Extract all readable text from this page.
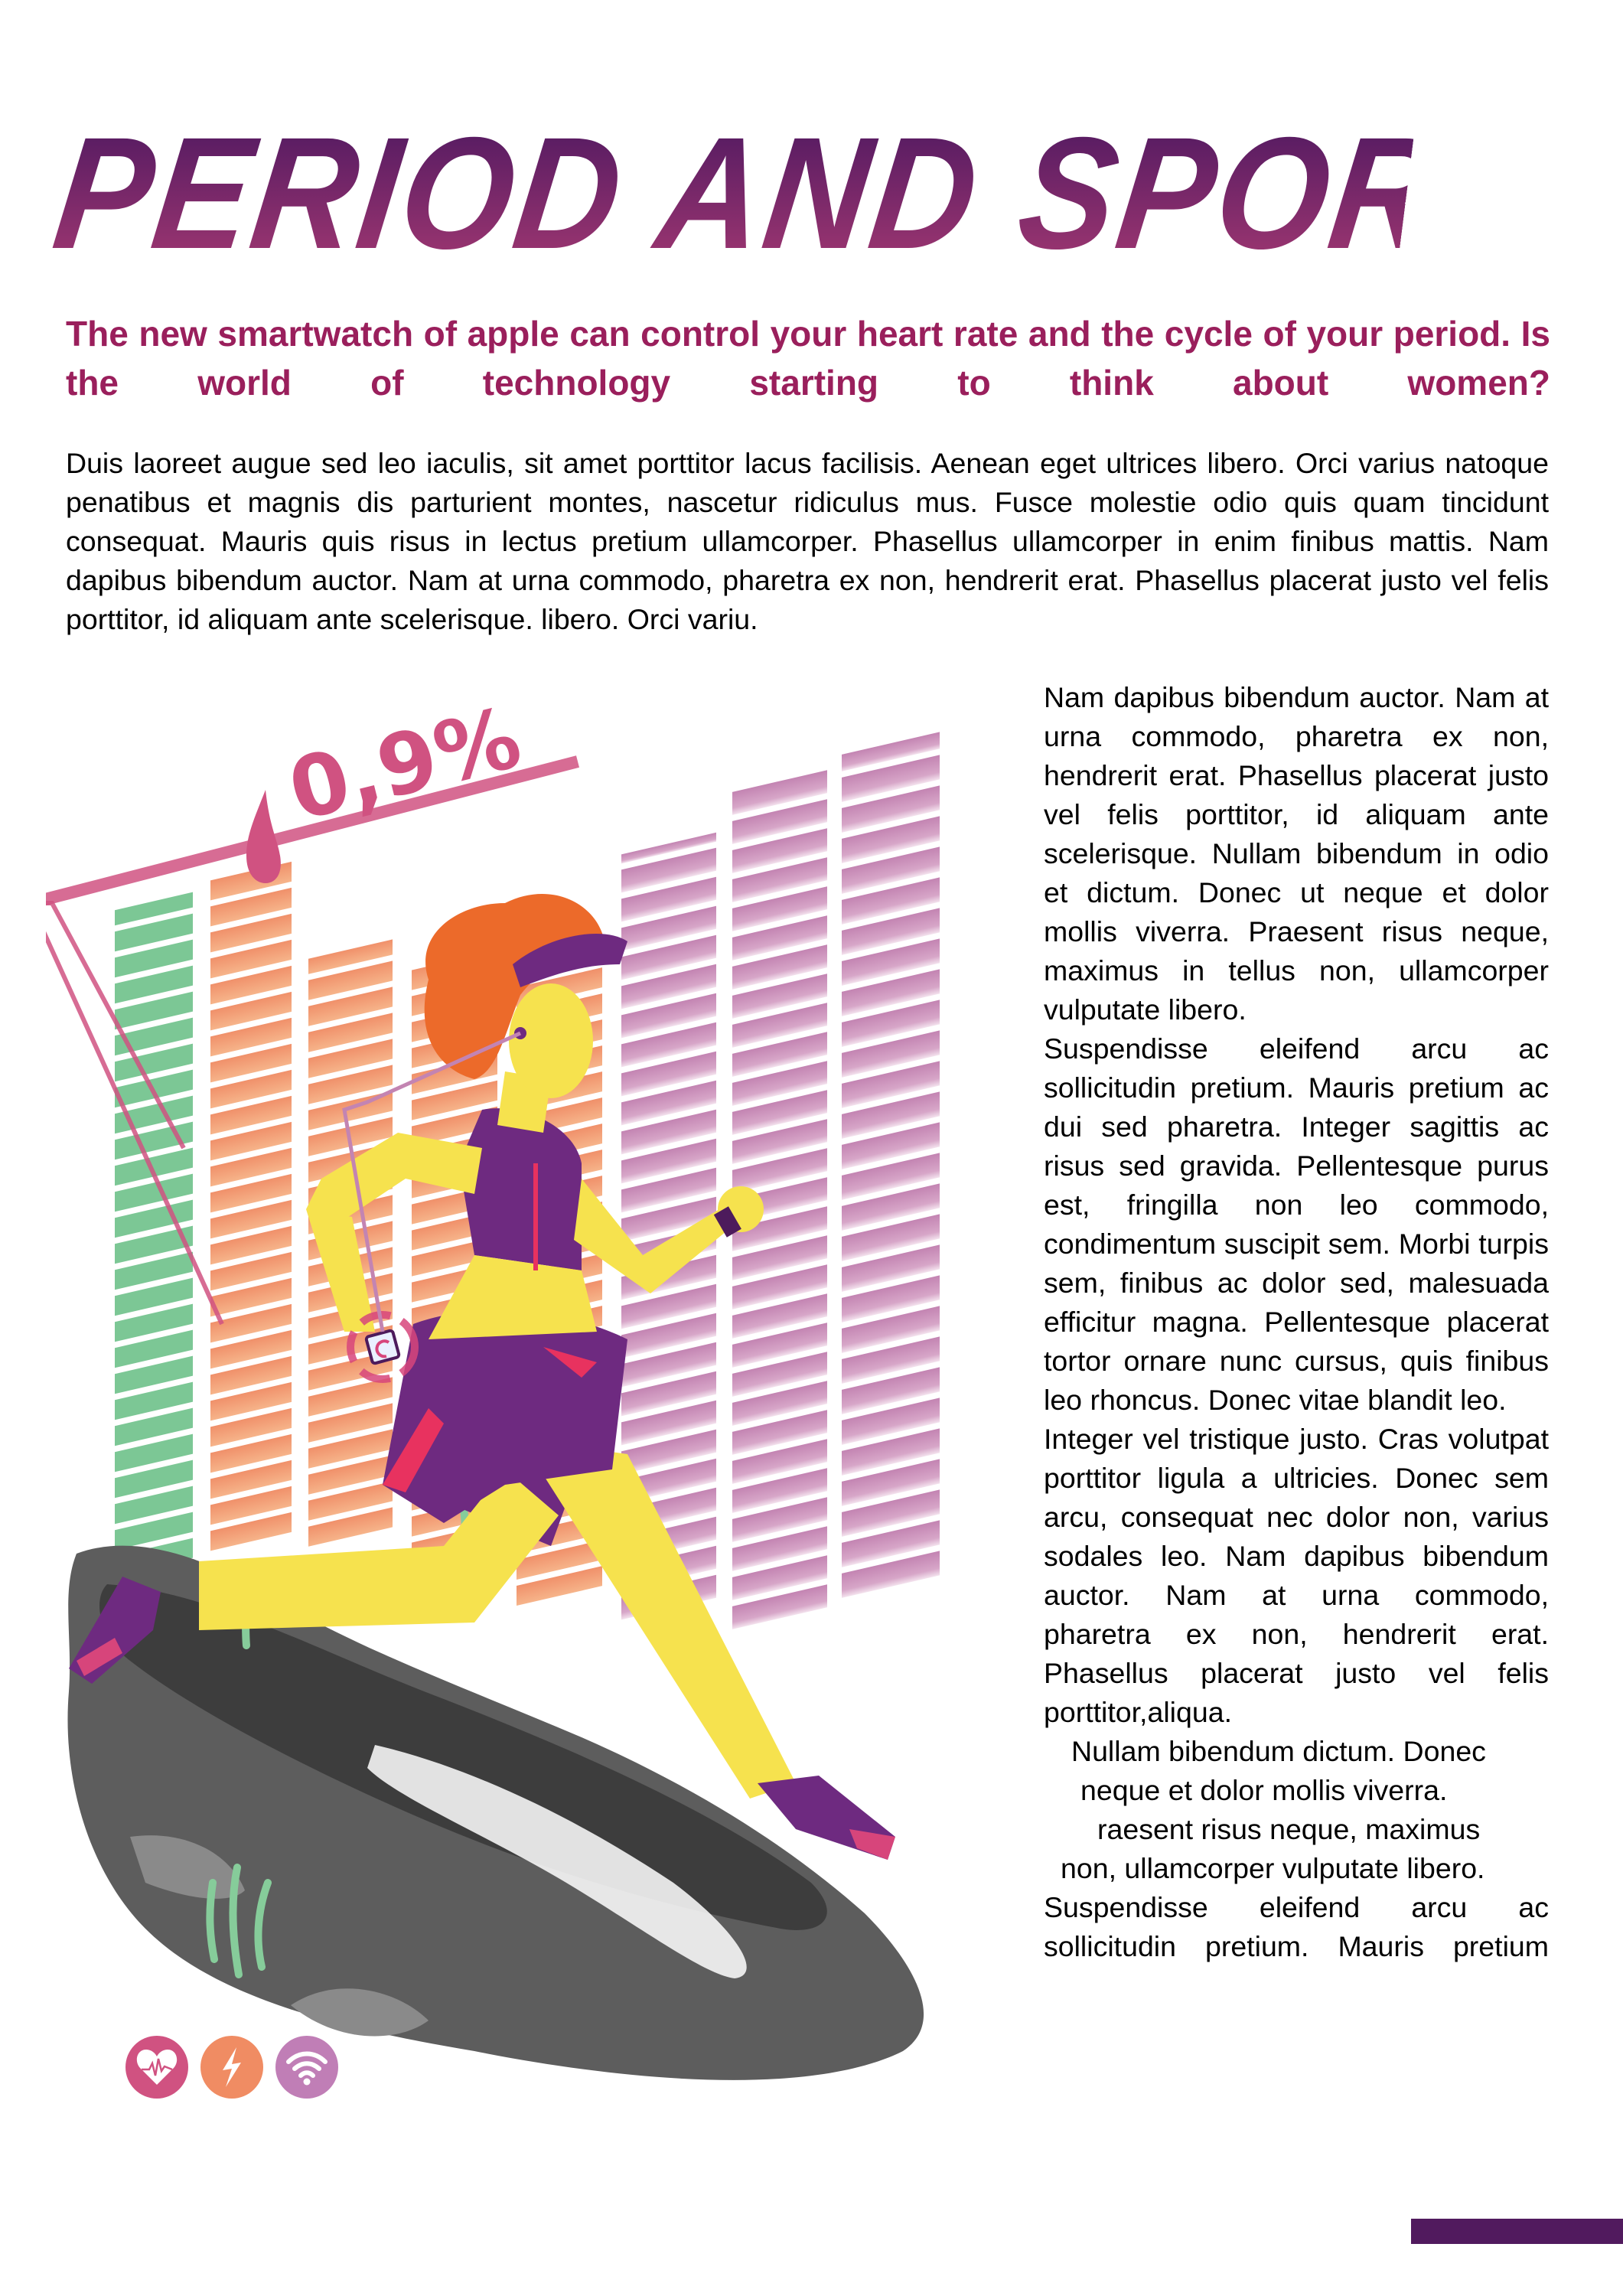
PERIOD AND SPORT
The new smartwatch of apple can control your heart rate and the cycle of your period. Is the world of technology starting to think about women?
Duis laoreet augue sed leo iaculis, sit amet porttitor lacus facilisis. Aenean eget ultrices libero. Orci varius natoque penatibus et magnis dis parturient montes, nascetur ridiculus mus. Fusce molestie odio quis quam tincidunt consequat. Mauris quis risus in lectus pretium ullamcorper. Phasellus ullamcorper in enim finibus mattis. Nam dapibus bibendum auctor. Nam at urna commodo, pharetra ex non, hendrerit erat. Phasellus placerat justo vel felis porttitor, id aliquam ante scelerisque. libero. Orci variu.
0,9%	Nam dapibus bibendum auctor. Nam at urna commodo, pharetra ex non, hendrerit erat. Phasellus placerat justo vel felis porttitor, id aliquam ante scelerisque. Nullam bibendum in odio et dictum. Donec ut neque et dolor mollis viverra. Praesent risus neque, maximus in tellus non, ullamcorper vulputate libero.

Suspendisse eleifend arcu ac sollicitudin pretium. Mauris pretium ac dui sed pharetra. Integer sagittis ac risus sed gravida. Pellentesque purus est, fringilla non leo commodo, condimentum suscipit sem. Morbi turpis sem, finibus ac dolor sed, malesuada efficitur magna. Pellentesque placerat tortor ornare nunc cursus, quis finibus leo rhoncus. Donec vitae blandit leo.

Integer vel tristique justo. Cras volutpat porttitor ligula a ultricies. Donec sem arcu, consequat nec dolor non, varius sodales leo. Nam dapibus bibendum auctor. Nam at urna commodo, pharetra ex non, hendrerit erat. Phasellus placerat justo vel felis porttitor,aliqua.

Nullam bibendum dictum. Donec

neque et dolor mollis viverra.

raesent risus neque, maximus

non, ullamcorper vulputate libero.

Suspendisse eleifend arcu ac sollicitudin pretium. Mauris pretium
